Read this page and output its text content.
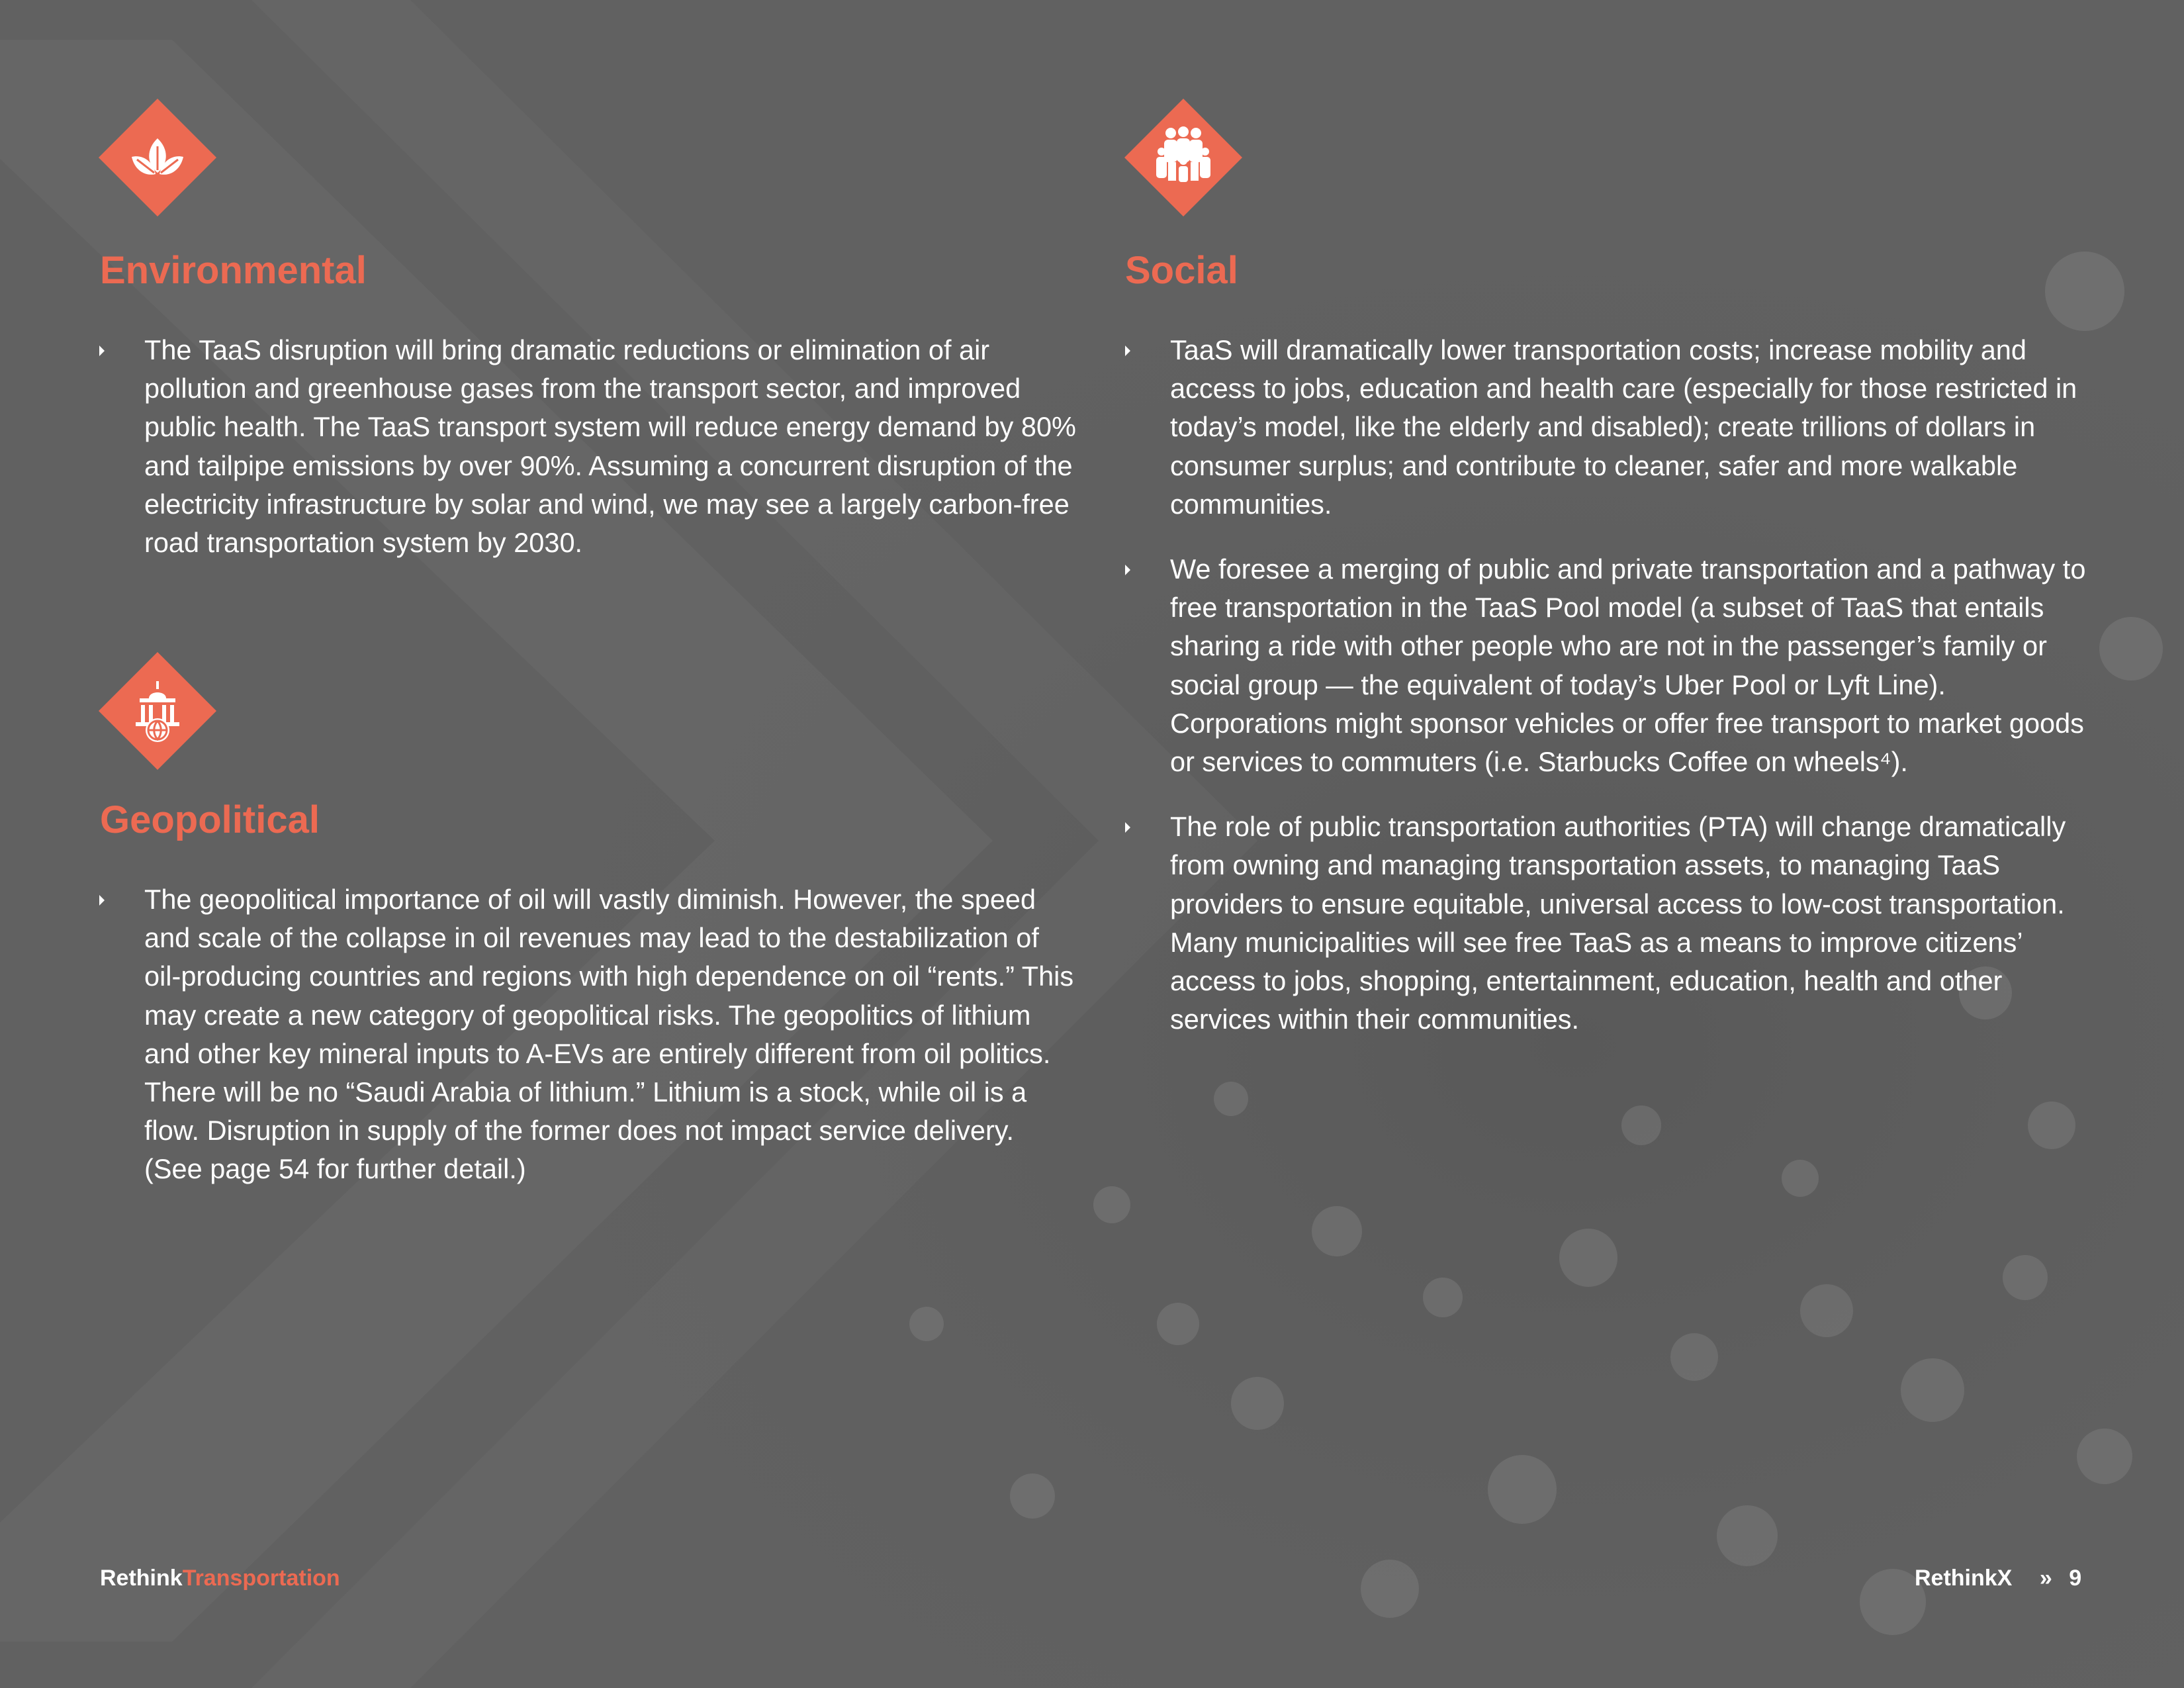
Environmental
The TaaS disruption will bring dramatic reductions or elimination of air pollution and greenhouse gases from the transport sector, and improved public health. The TaaS transport system will reduce energy demand by 80% and tailpipe emissions by over 90%. Assuming a concurrent disruption of the electricity infrastructure by solar and wind, we may see a largely carbon-free road transportation system by 2030.
Geopolitical
The geopolitical importance of oil will vastly diminish. However, the speed and scale of the collapse in oil revenues may lead to the destabilization of oil-producing countries and regions with high dependence on oil “rents.” This may create a new category of geopolitical risks. The geopolitics of lithium and other key mineral inputs to A-EVs are entirely different from oil politics. There will be no “Saudi Arabia of lithium.” Lithium is a stock, while oil is a flow. Disruption in supply of the former does not impact service delivery. (See page 54 for further detail.)
Social
TaaS will dramatically lower transportation costs; increase mobility and access to jobs, education and health care (especially for those restricted in today’s model, like the elderly and disabled); create trillions of dollars in consumer surplus; and contribute to cleaner, safer and more walkable communities.
We foresee a merging of public and private transportation and a pathway to free transportation in the TaaS Pool model (a subset of TaaS that entails sharing a ride with other people who are not in the passenger’s family or social group — the equivalent of today’s Uber Pool or Lyft Line). Corporations might sponsor vehicles or offer free transport to market goods or services to commuters (i.e. Starbucks Coffee on wheels⁴).
The role of public transportation authorities (PTA) will change dramatically from owning and managing transportation assets, to managing TaaS providers to ensure equitable, universal access to low-cost transportation. Many municipalities will see free TaaS as a means to improve citizens’ access to jobs, shopping, entertainment, education, health and other services within their communities.
RethinkTransportation	RethinkX » 9
